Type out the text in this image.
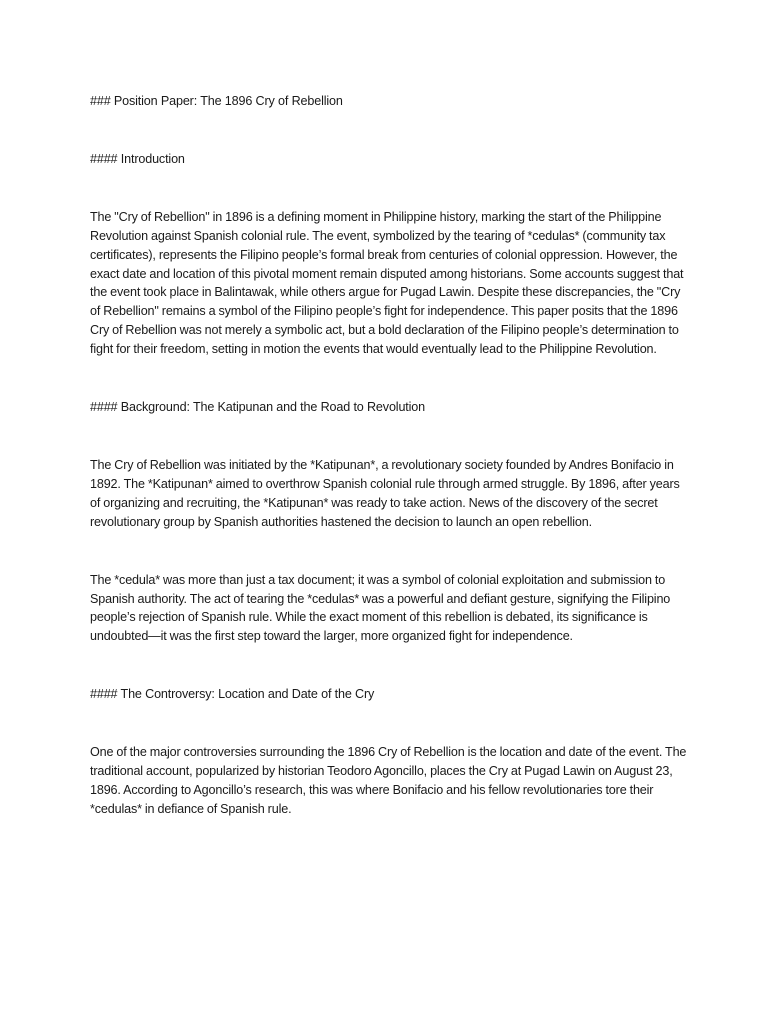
### Position Paper: The 1896 Cry of Rebellion

#### Introduction

The "Cry of Rebellion" in 1896 is a defining moment in Philippine history, marking the start of the Philippine Revolution against Spanish colonial rule. The event, symbolized by the tearing of *cedulas* (community tax certificates), represents the Filipino people’s formal break from centuries of colonial oppression. However, the exact date and location of this pivotal moment remain disputed among historians. Some accounts suggest that the event took place in Balintawak, while others argue for Pugad Lawin. Despite these discrepancies, the "Cry of Rebellion" remains a symbol of the Filipino people’s fight for independence. This paper posits that the 1896 Cry of Rebellion was not merely a symbolic act, but a bold declaration of the Filipino people’s determination to fight for their freedom, setting in motion the events that would eventually lead to the Philippine Revolution.

#### Background: The Katipunan and the Road to Revolution

The Cry of Rebellion was initiated by the *Katipunan*, a revolutionary society founded by Andres Bonifacio in 1892. The *Katipunan* aimed to overthrow Spanish colonial rule through armed struggle. By 1896, after years of organizing and recruiting, the *Katipunan* was ready to take action. News of the discovery of the secret revolutionary group by Spanish authorities hastened the decision to launch an open rebellion.

The *cedula* was more than just a tax document; it was a symbol of colonial exploitation and submission to Spanish authority. The act of tearing the *cedulas* was a powerful and defiant gesture, signifying the Filipino people’s rejection of Spanish rule. While the exact moment of this rebellion is debated, its significance is undoubted—it was the first step toward the larger, more organized fight for independence.

#### The Controversy: Location and Date of the Cry

One of the major controversies surrounding the 1896 Cry of Rebellion is the location and date of the event. The traditional account, popularized by historian Teodoro Agoncillo, places the Cry at Pugad Lawin on August 23, 1896. According to Agoncillo’s research, this was where Bonifacio and his fellow revolutionaries tore their *cedulas* in defiance of Spanish rule.
